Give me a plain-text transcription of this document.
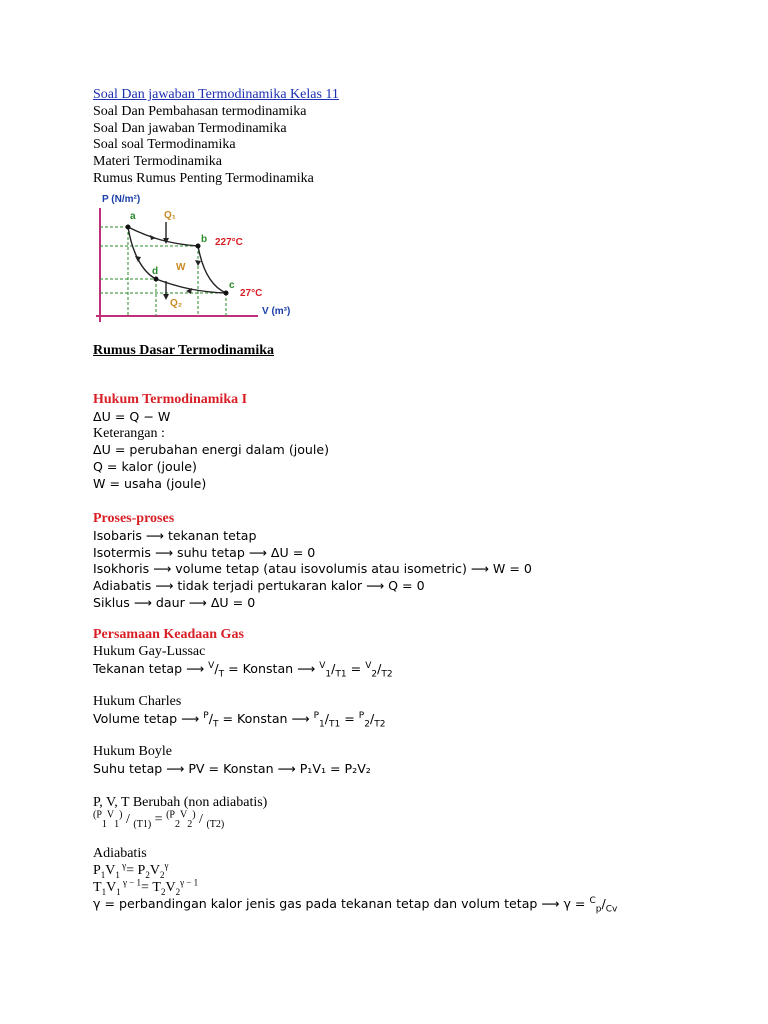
Soal Dan jawaban Termodinamika Kelas 11
Soal Dan Pembahasan termodinamika
Soal Dan jawaban Termodinamika
Soal soal Termodinamika
Materi Termodinamika
Rumus Rumus Penting Termodinamika
P (N/m²)
V (m³)
a
b
c
d
Q₁
Q₂
W
227°C
27°C
Rumus Dasar Termodinamika
Hukum Termodinamika I
ΔU = Q − W
Keterangan :
ΔU = perubahan energi dalam (joule)
Q = kalor (joule)
W = usaha (joule)
Proses-proses
Isobaris ⟶ tekanan tetap
Isotermis ⟶ suhu tetap ⟶ ΔU = 0
Isokhoris ⟶ volume tetap (atau isovolumis atau isometric) ⟶ W = 0
Adiabatis ⟶ tidak terjadi pertukaran kalor ⟶ Q = 0
Siklus ⟶ daur ⟶ ΔU = 0
Persamaan Keadaan Gas
Hukum Gay-Lussac
Tekanan tetap ⟶ $^V/_T$ = Konstan ⟶ $^V_1/_{T1} = ^V_2/_{T2}$
Hukum Charles
Volume tetap ⟶ $^P/_T$ = Konstan ⟶ $^P_1/_{T1} = ^P_2/_{T2}$
Hukum Boyle
Suhu tetap ⟶ PV = Konstan ⟶ P₁V₁ = P₂V₂
P, V, T Berubah (non adiabatis)
$^{(P}_1^V_1$) / $_{(T1)}$ = $^{(P}_2^V_2$) / $_{(T2)}$
Adiabatis
$P_1V_1$ $^\gamma= P_2V_2^\gamma$
$T_1V_1$ $^{\gamma - 1}= T_2V_2^{\gamma - 1}$
γ = perbandingan kalor jenis gas pada tekanan tetap dan volum tetap ⟶ $\gamma = ^C_p/_{Cv}$
